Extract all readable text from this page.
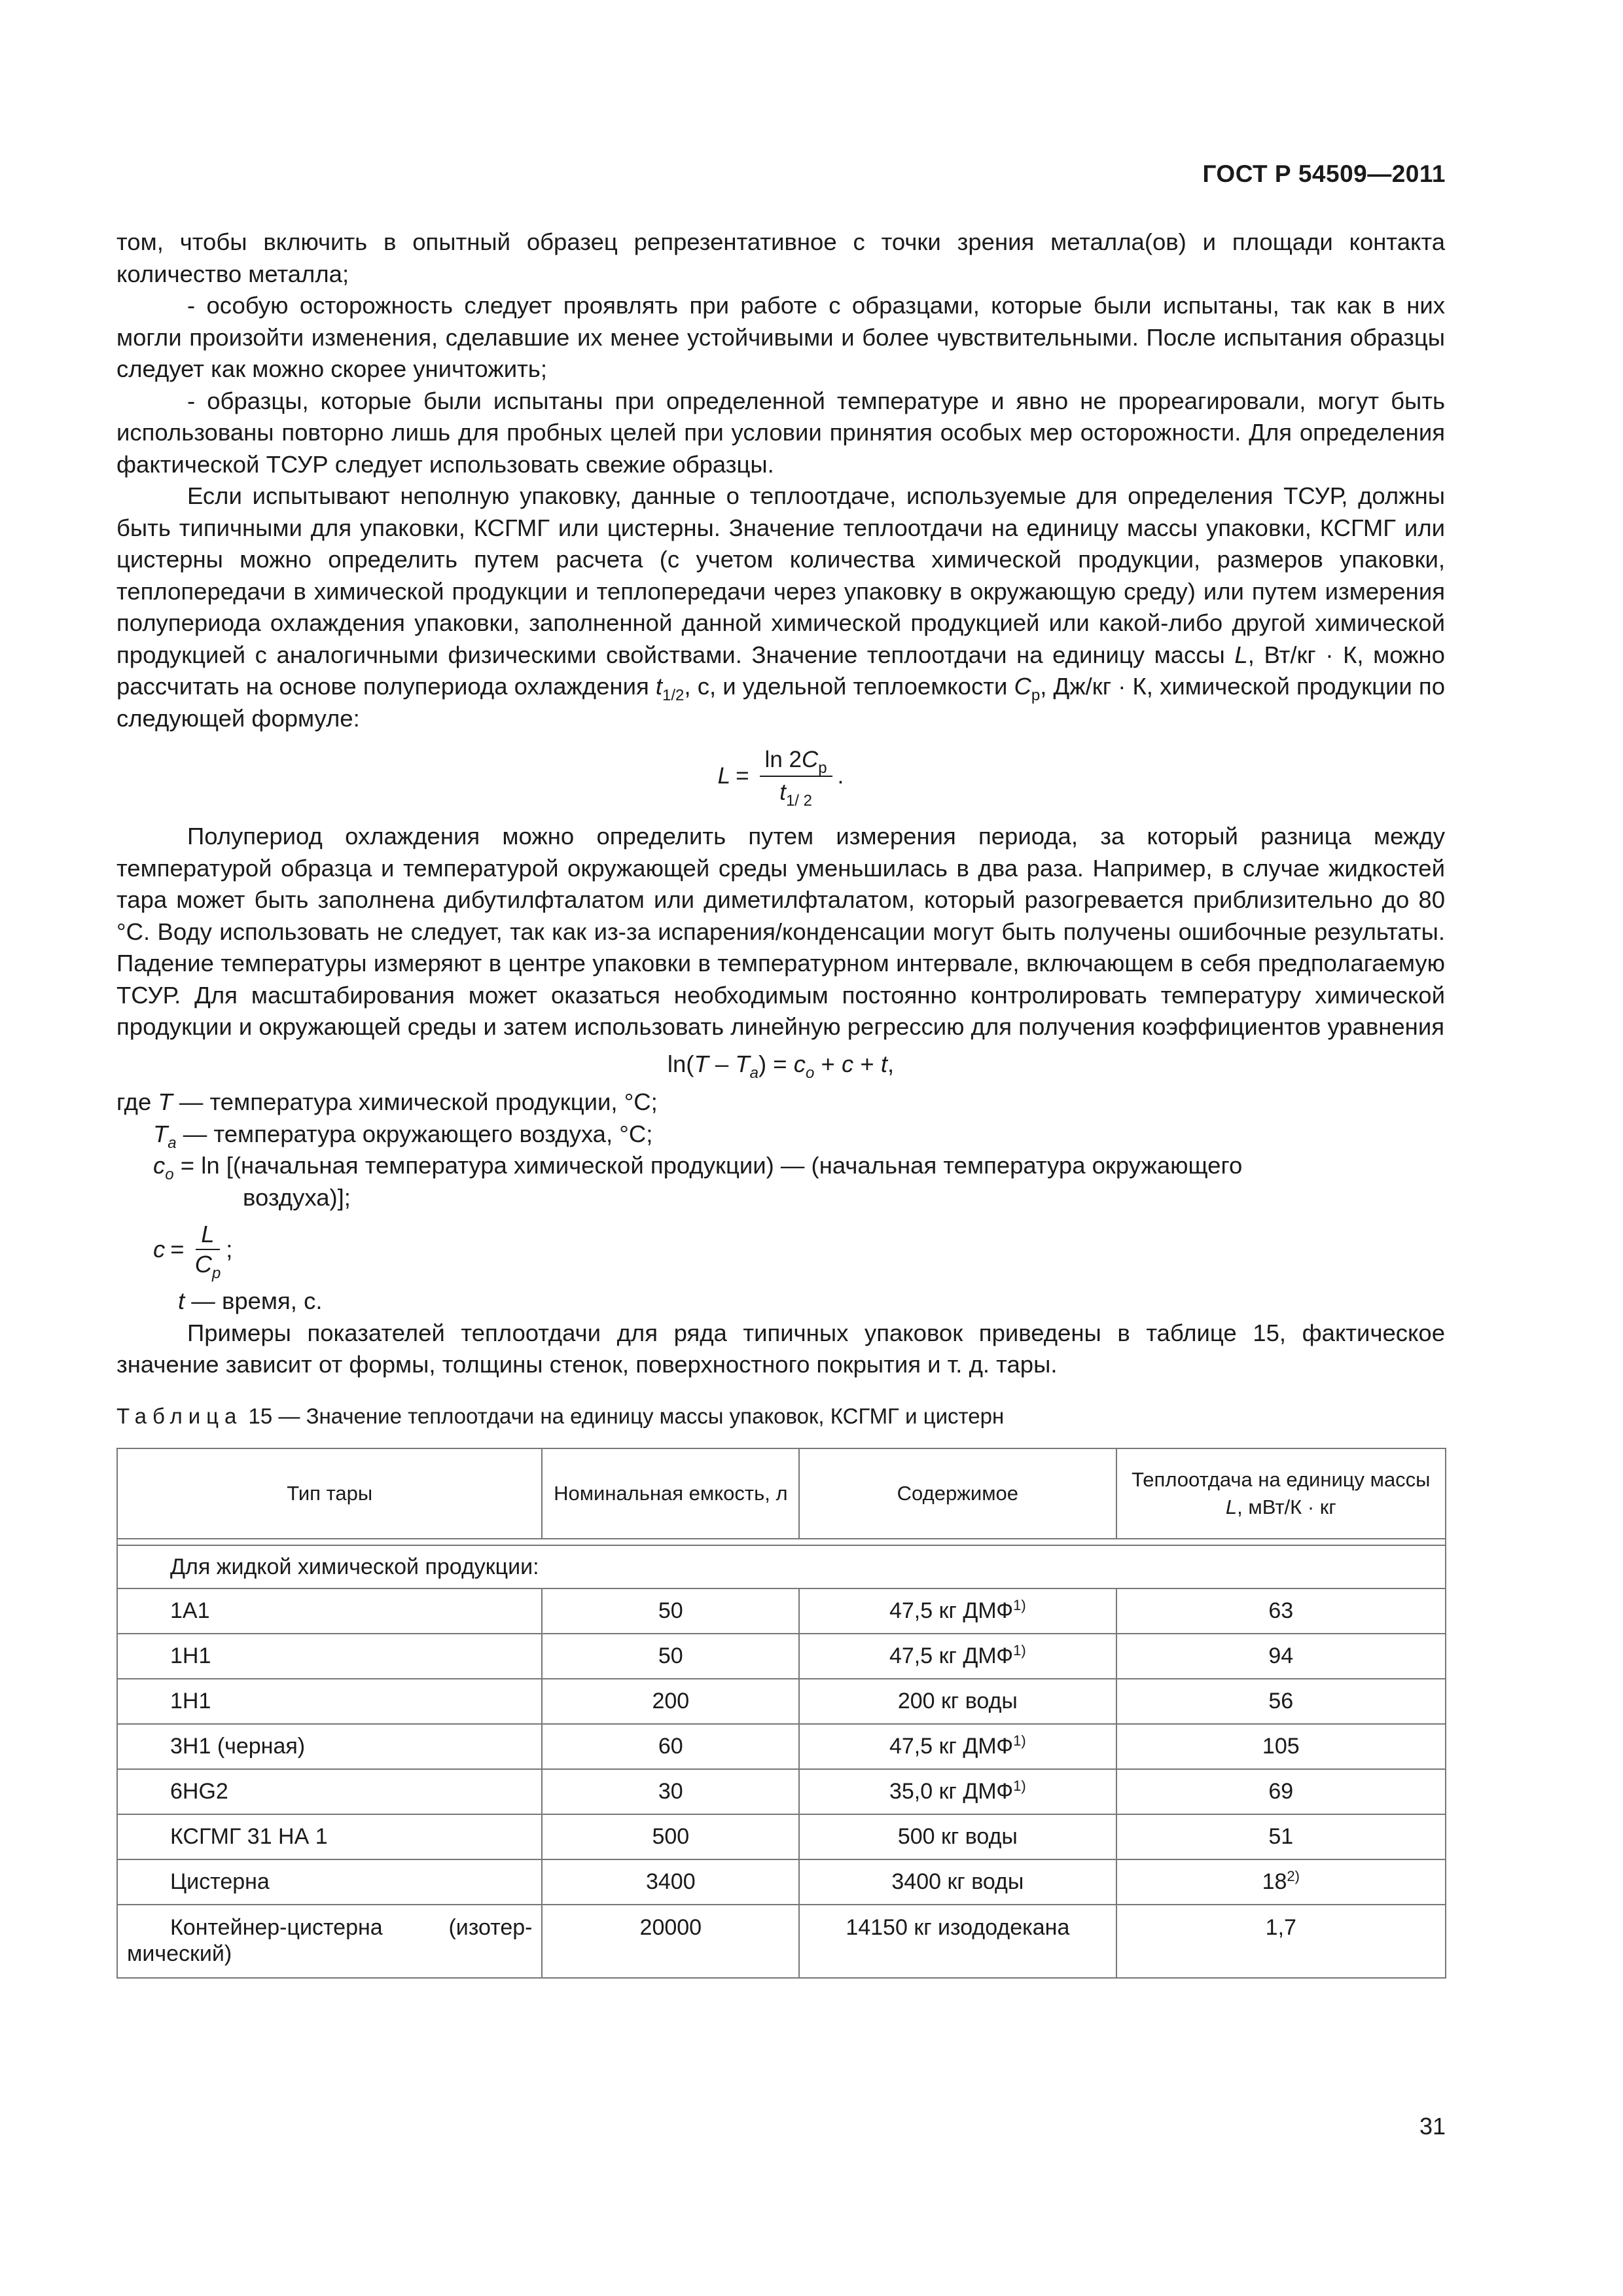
ГОСТ Р 54509—2011

том, чтобы включить в опытный образец репрезентативное с точки зрения металла(ов) и площади контакта количество металла;

- особую осторожность следует проявлять при работе с образцами, которые были испытаны, так как в них могли произойти изменения, сделавшие их менее устойчивыми и более чувствительными. После испытания образцы следует как можно скорее уничтожить;

- образцы, которые были испытаны при определенной температуре и явно не прореагировали, могут быть использованы повторно лишь для пробных целей при условии принятия особых мер осторожности. Для определения фактической ТСУР следует использовать свежие образцы.

Если испытывают неполную упаковку, данные о теплоотдаче, используемые для определения ТСУР, должны быть типичными для упаковки, КСГМГ или цистерны. Значение теплоотдачи на единицу массы упаковки, КСГМГ или цистерны можно определить путем расчета (с учетом количества химической продукции, размеров упаковки, теплопередачи в химической продукции и теплопередачи через упаковку в окружающую среду) или путем измерения полупериода охлаждения упаковки, заполненной данной химической продукцией или какой-либо другой химической продукцией с аналогичными физическими свойствами. Значение теплоотдачи на единицу массы L, Вт/кг · К, можно рассчитать на основе полупериода охлаждения $t_{1/2}$, с, и удельной теплоемкости $C_p$, Дж/кг · К, химической продукции по следующей формуле:

$L = \frac{\ln 2C_p}{t_{1/ 2}}$ .

Полупериод охлаждения можно определить путем измерения периода, за который разница между температурой образца и температурой окружающей среды уменьшилась в два раза. Например, в случае жидкостей тара может быть заполнена дибутилфталатом или диметилфталатом, который разогревается приблизительно до 80 °С. Воду использовать не следует, так как из-за испарения/конденсации могут быть получены ошибочные результаты. Падение температуры измеряют в центре упаковки в температурном интервале, включающем в себя предполагаемую ТСУР. Для масштабирования может оказаться необходимым постоянно контролировать температуру химической продукции и окружающей среды и затем использовать линейную регрессию для получения коэффициентов уравнения

$\ln(T - T_a) = c_o + c + t$,
где T — температура химической продукции, °С;
$T_a$ — температура окружающего воздуха, °С;
$c_o = \ln$ [(начальная температура химической продукции) — (начальная температура окружающего
воздуха)];
$c = \frac{L}{C_p}$ ;
t — время, с.

Примеры показателей теплоотдачи для ряда типичных упаковок приведены в таблице 15, фактическое значение зависит от формы, толщины стенок, поверхностного покрытия и т. д. тары.

Таблица 15 — Значение теплоотдачи на единицу массы упаковок, КСГМГ и цистерн
Тип тары	Номинальная емкость, л	Содержимое	Теплоотдача на единицу массы L, мВт/К · кг

Для жидкой химической продукции:			
1А1	50	47,5 кг ДМФ$^{1)}$	63
1Н1	50	47,5 кг ДМФ$^{1)}$	94
1Н1	200	200 кг воды	56
3Н1 (черная)	60	47,5 кг ДМФ$^{1)}$	105
6HG2	30	35,0 кг ДМФ$^{1)}$	69
КСГМГ 31 НА 1	500	500 кг воды	51
Цистерна	3400	3400 кг воды	18$^{2)}$

Контейнер-цистерна (изотер-
мический)	20000	14150 кг изододекана	1,7
31
